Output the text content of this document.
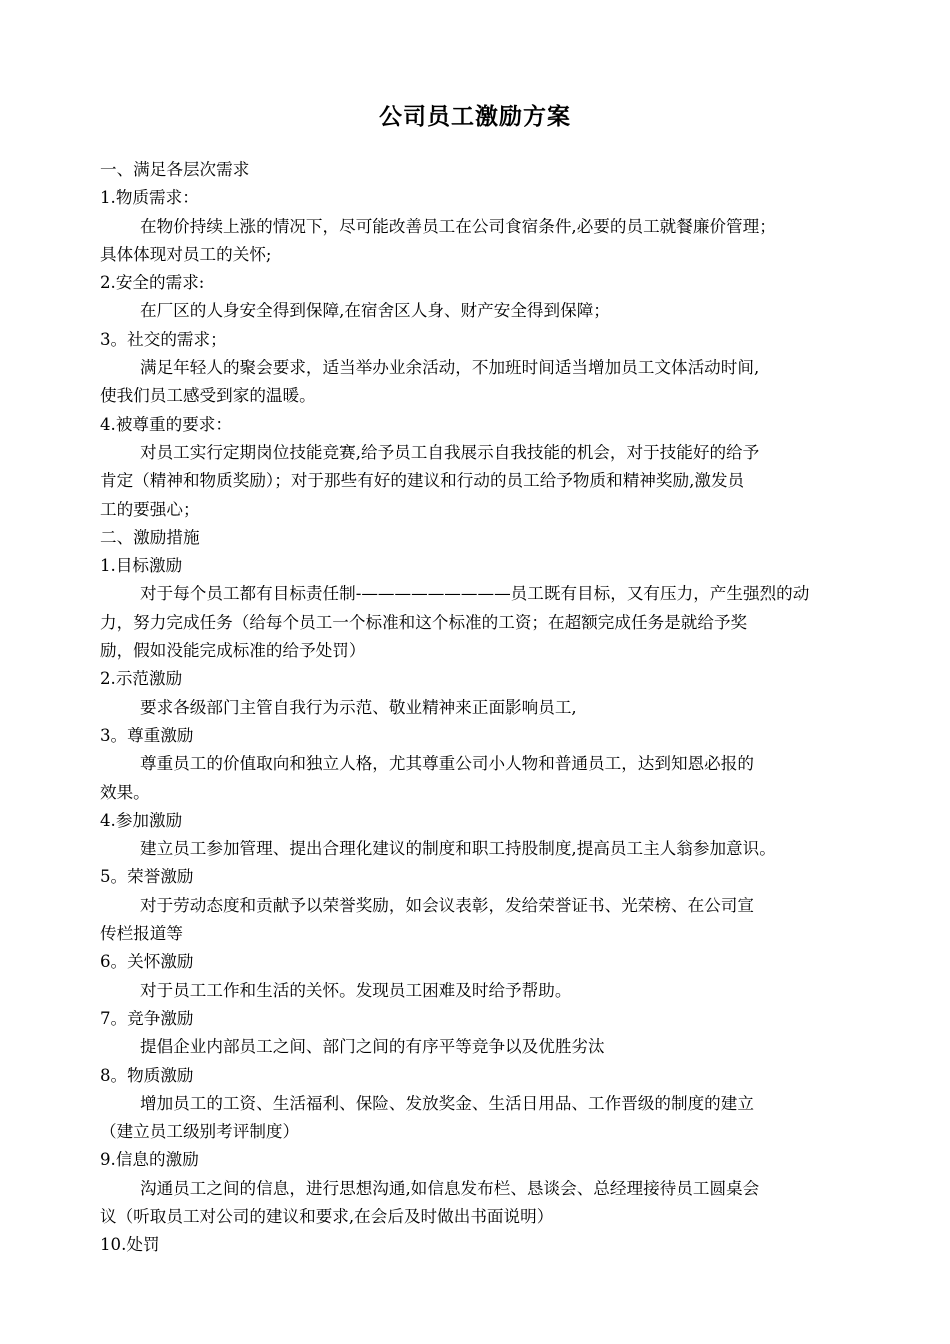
公司员工激励方案

一、满足各层次需求

1.物质需求：

在物价持续上涨的情况下，尽可能改善员工在公司食宿条件,必要的员工就餐廉价管理；

具体体现对员工的关怀;

2.安全的需求:

在厂区的人身安全得到保障,在宿舍区人身、财产安全得到保障；

3。社交的需求；

满足年轻人的聚会要求，适当举办业余活动，不加班时间适当增加员工文体活动时间,

使我们员工感受到家的温暖。

4.被尊重的要求：

对员工实行定期岗位技能竞赛,给予员工自我展示自我技能的机会，对于技能好的给予

肯定（精神和物质奖励）；对于那些有好的建议和行动的员工给予物质和精神奖励,激发员

工的要强心；

二、激励措施

1.目标激励

对于每个员工都有目标责任制-—————————员工既有目标，又有压力，产生强烈的动

力，努力完成任务（给每个员工一个标准和这个标准的工资；在超额完成任务是就给予奖

励，假如没能完成标准的给予处罚）

2.示范激励

要求各级部门主管自我行为示范、敬业精神来正面影响员工,

3。尊重激励

尊重员工的价值取向和独立人格，尤其尊重公司小人物和普通员工，达到知恩必报的

效果。

4.参加激励

建立员工参加管理、提出合理化建议的制度和职工持股制度,提高员工主人翁参加意识。

5。荣誉激励

对于劳动态度和贡献予以荣誉奖励，如会议表彰，发给荣誉证书、光荣榜、在公司宣

传栏报道等

6。关怀激励

对于员工工作和生活的关怀。发现员工困难及时给予帮助。

7。竞争激励

提倡企业内部员工之间、部门之间的有序平等竞争以及优胜劣汰

8。物质激励

增加员工的工资、生活福利、保险、发放奖金、生活日用品、工作晋级的制度的建立

（建立员工级别考评制度）

9.信息的激励

沟通员工之间的信息，进行思想沟通,如信息发布栏、恳谈会、总经理接待员工圆桌会

议（听取员工对公司的建议和要求,在会后及时做出书面说明）

10.处罚
